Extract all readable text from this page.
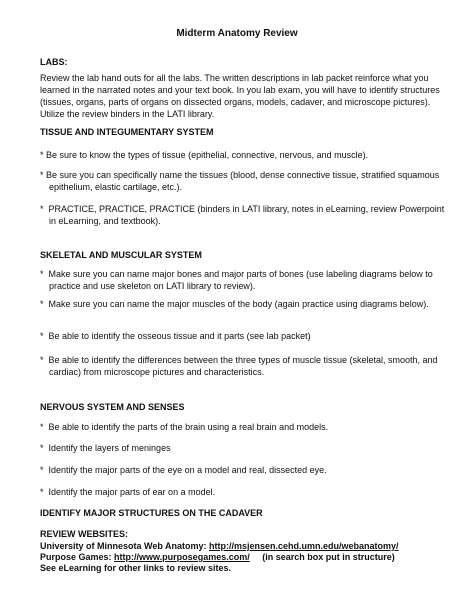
Midterm Anatomy Review
LABS:
Review the lab hand outs for all the labs. The written descriptions in lab packet reinforce what you learned in the narrated notes and your text book. In you lab exam, you will have to identify structures (tissues, organs, parts of organs on dissected organs, models, cadaver, and microscope pictures). Utilize the review binders in the LATI library.
TISSUE AND INTEGUMENTARY SYSTEM
* Be sure to know the types of tissue (epithelial, connective, nervous, and muscle).
* Be sure you can specifically name the tissues (blood, dense connective tissue, stratified squamous epithelium, elastic cartilage, etc.).
*  PRACTICE, PRACTICE, PRACTICE (binders in LATI library, notes in eLearning, review Powerpoint in eLearning, and textbook).
SKELETAL AND MUSCULAR SYSTEM
*  Make sure you can name major bones and major parts of bones (use labeling diagrams below to practice and use skeleton on LATI library to review).
*  Make sure you can name the major muscles of the body (again practice using diagrams below).
*  Be able to identify the osseous tissue and it parts (see lab packet)
*  Be able to identify the differences between the three types of muscle tissue (skeletal, smooth, and cardiac) from microscope pictures and characteristics.
NERVOUS SYSTEM AND SENSES
*  Be able to identify the parts of the brain using a real brain and models.
*  Identify the layers of meninges
*  Identify the major parts of the eye on a model and real, dissected eye.
*  Identify the major parts of ear on a model.
IDENTIFY MAJOR STRUCTURES ON THE CADAVER
REVIEW WEBSITES:
University of Minnesota Web Anatomy: http://msjensen.cehd.umn.edu/webanatomy/
Purpose Games: http://www.purposegames.com/     (in search box put in structure)
See eLearning for other links to review sites.
